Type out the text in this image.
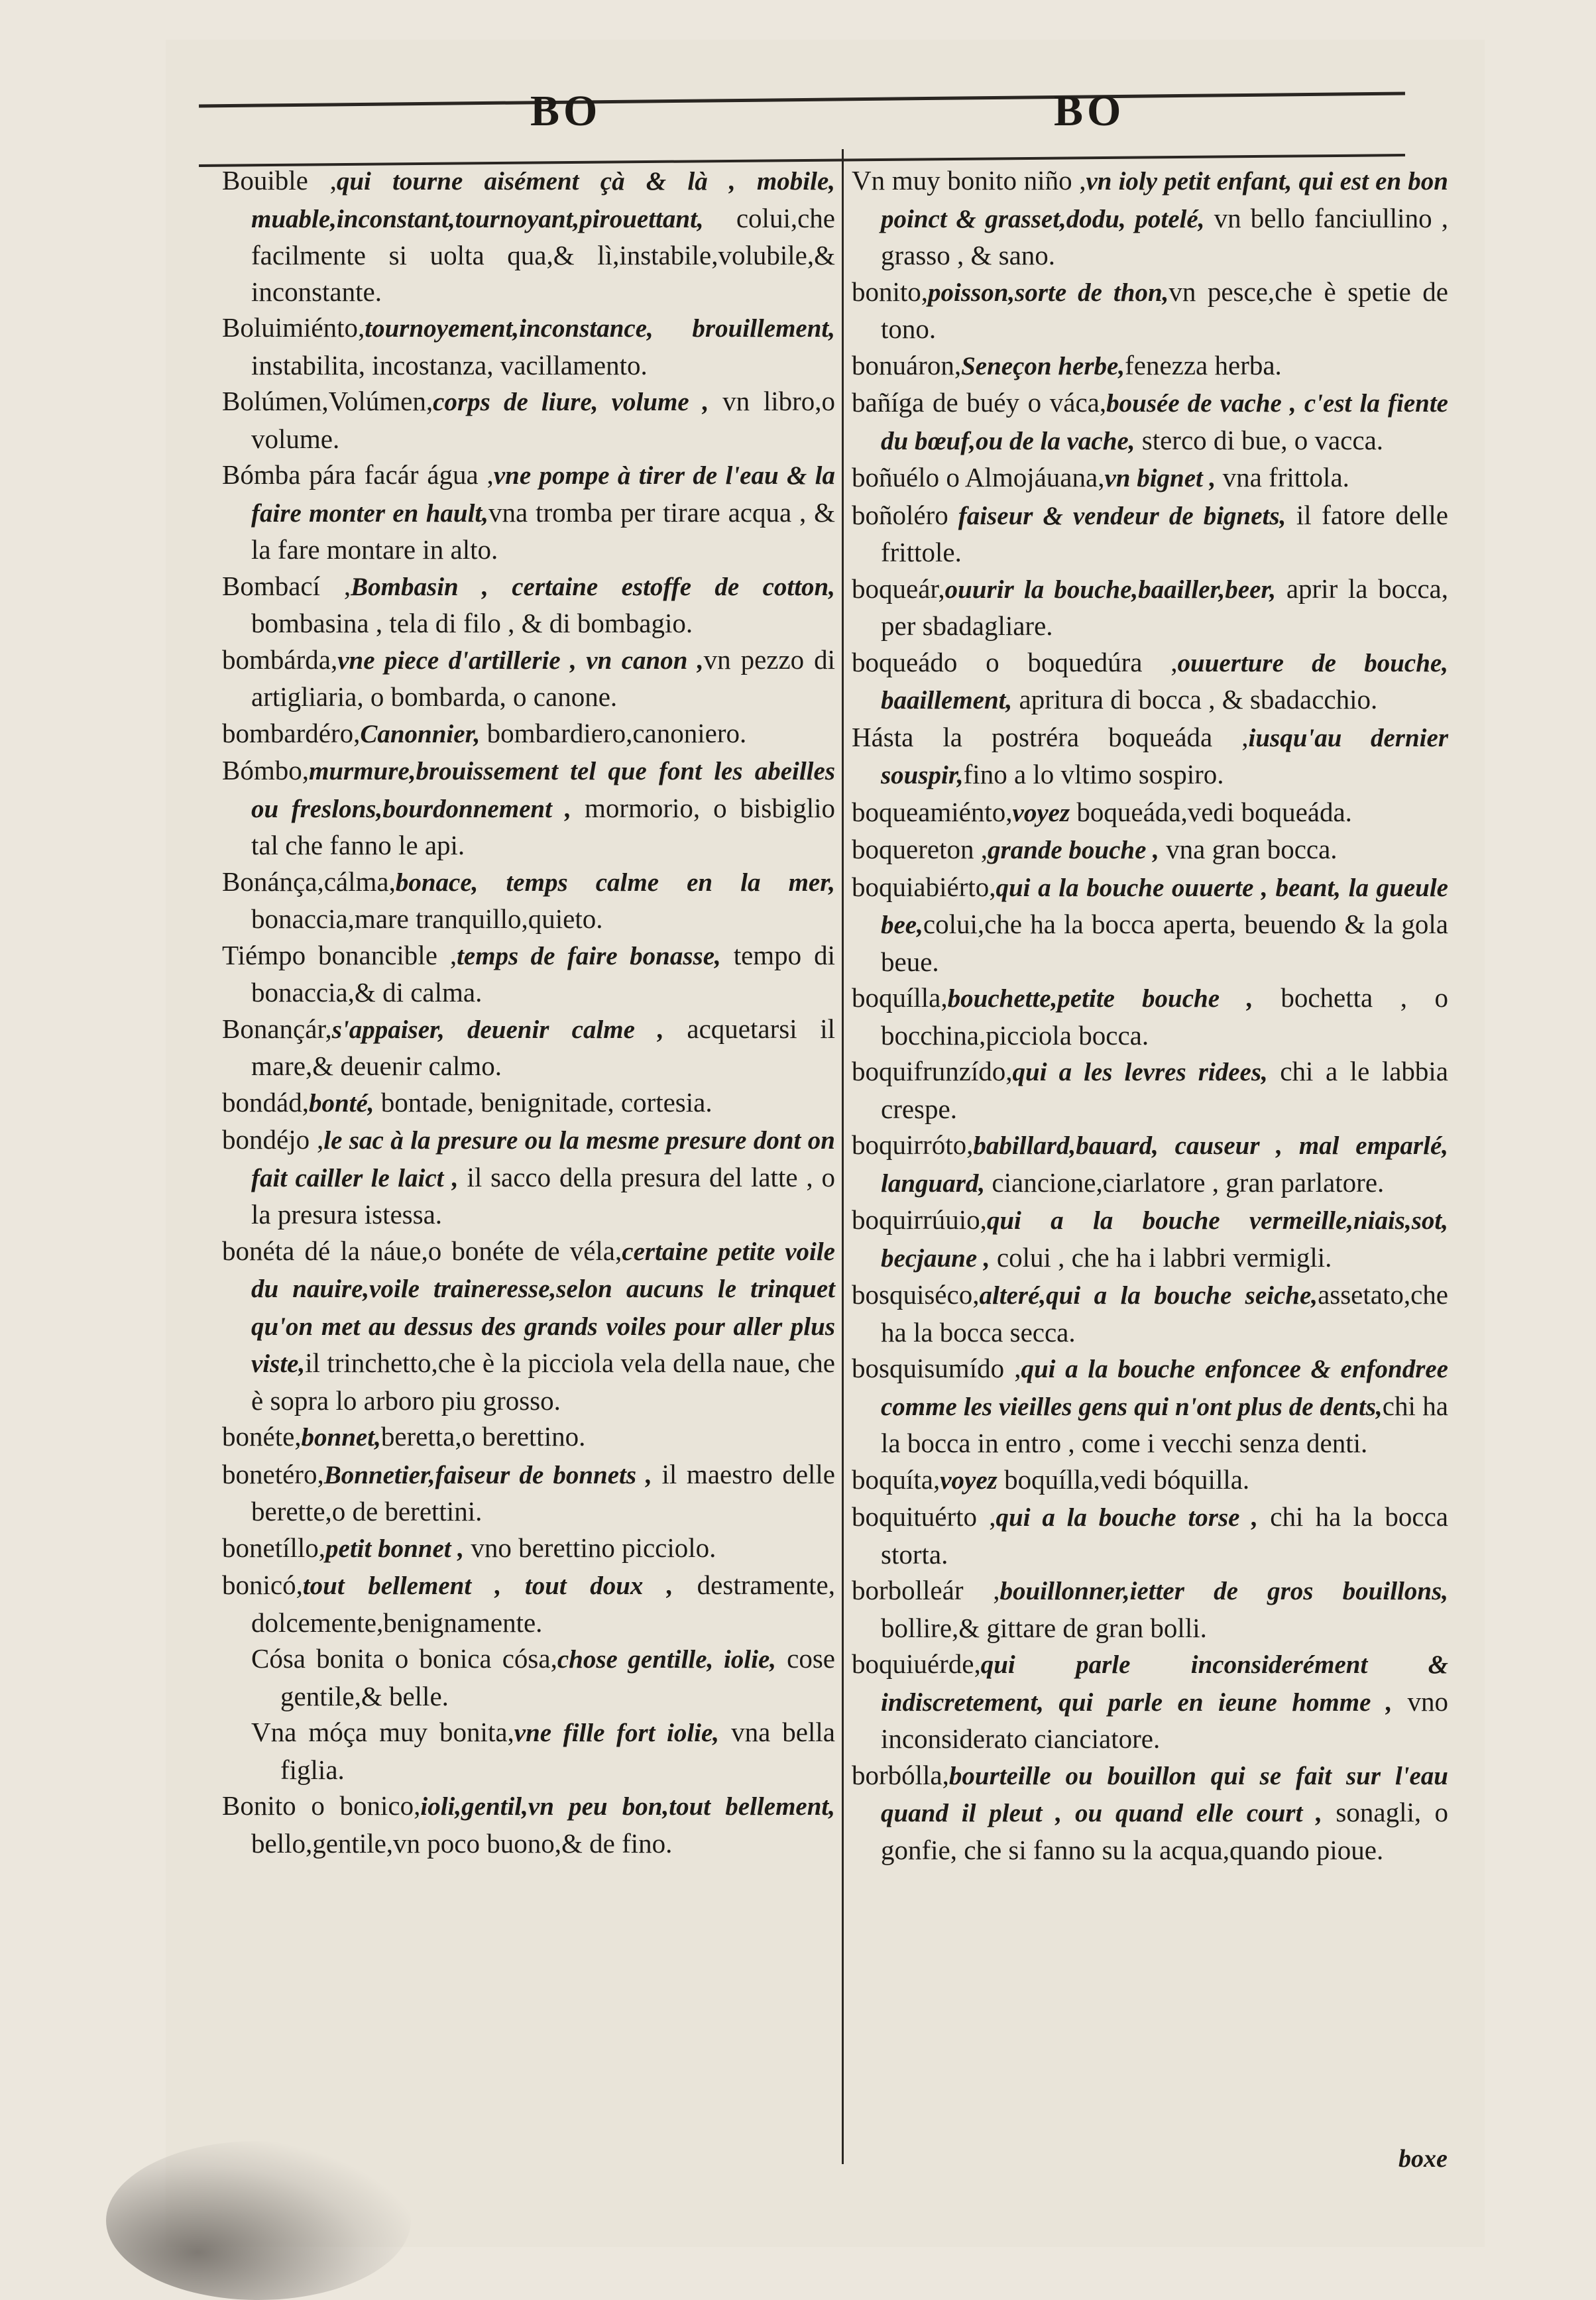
BO	BO

Bouible ,qui tourne aisément çà & là , mobile, muable,inconstant,tournoyant,pirouettant, colui,che facilmente si uolta qua,& lì,instabile,volubile,& inconstante.

Boluimiénto,tournoyement,inconstance, brouillement, instabilita, incostanza, vacillamento.

Bolúmen,Volúmen,corps de liure, volume , vn libro,o volume.

Bómba pára facár água ,vne pompe à tirer de l'eau & la faire monter en hault,vna tromba per tirare acqua , & la fare montare in alto.

Bombací ,Bombasin , certaine estoffe de cotton, bombasina , tela di filo , & di bombagio.

bombárda,vne piece d'artillerie , vn canon ,vn pezzo di artigliaria, o bombarda, o canone.

bombardéro,Canonnier, bombardiero,canoniero.

Bómbo,murmure,brouissement tel que font les abeilles ou freslons,bourdonnement , mormorio, o bisbiglio tal che fanno le api.

Bonánça,cálma,bonace, temps calme en la mer, bonaccia,mare tranquillo,quieto.

Tiémpo bonancible ,temps de faire bonasse, tempo di bonaccia,& di calma.

Bonançár,s'appaiser, deuenir calme , acquetarsi il mare,& deuenir calmo.

bondád,bonté, bontade, benignitade, cortesia.

bondéjo ,le sac à la presure ou la mesme presure dont on fait cailler le laict , il sacco della presura del latte , o la presura istessa.

bonéta dé la náue,o bonéte de véla,certaine petite voile du nauire,voile traineresse,selon aucuns le trinquet qu'on met au dessus des grands voiles pour aller plus viste,il trinchetto,che è la picciola vela della naue, che è sopra lo arboro piu grosso.

bonéte,bonnet,beretta,o berettino.

bonetéro,Bonnetier,faiseur de bonnets , il maestro delle berette,o de berettini.

bonetíllo,petit bonnet , vno berettino picciolo.

bonicó,tout bellement , tout doux , destramente, dolcemente,benignamente.

Cósa bonita o bonica cósa,chose gentille, iolie, cose gentile,& belle.

Vna móça muy bonita,vne fille fort iolie, vna bella figlia.

Bonito o bonico,ioli,gentil,vn peu bon,tout bellement, bello,gentile,vn poco buono,& de fino.

Vn muy bonito niño ,vn ioly petit enfant, qui est en bon poinct & grasset,dodu, potelé, vn bello fanciullino , grasso , & sano.

bonito,poisson,sorte de thon,vn pesce,che è spetie de tono.

bonuáron,Seneçon herbe,fenezza herba.

bañíga de buéy o váca,bousée de vache , c'est la fiente du bœuf,ou de la vache, sterco di bue, o vacca.

boñuélo o Almojáuana,vn bignet , vna frittola.

boñoléro faiseur & vendeur de bignets, il fatore delle frittole.

boqueár,ouurir la bouche,baailler,beer, aprir la bocca, per sbadagliare.

boqueádo o boquedúra ,ouuerture de bouche, baaillement, apritura di bocca , & sbadacchio.

Hásta la postréra boqueáda ,iusqu'au dernier souspir,fino a lo vltimo sospiro.

boqueamiénto,voyez boqueáda,vedi boqueáda.

boquereton ,grande bouche , vna gran bocca.

boquiabiérto,qui a la bouche ouuerte , beant, la gueule bee,colui,che ha la bocca aperta, beuendo & la gola beue.

boquílla,bouchette,petite bouche , bochetta , o bocchina,picciola bocca.

boquifrunzído,qui a les levres ridees, chi a le labbia crespe.

boquirróto,babillard,bauard, causeur , mal emparlé, languard, ciancione,ciarlatore , gran parlatore.

boquirrúuio,qui a la bouche vermeille,niais,sot, becjaune , colui , che ha i labbri vermigli.

bosquiséco,alteré,qui a la bouche seiche,assetato,che ha la bocca secca.

bosquisumído ,qui a la bouche enfoncee & enfondree comme les vieilles gens qui n'ont plus de dents,chi ha la bocca in entro , come i vecchi senza denti.

boquíta,voyez boquílla,vedi bóquilla.

boquituérto ,qui a la bouche torse , chi ha la bocca storta.

borbolleár ,bouillonner,ietter de gros bouillons, bollire,& gittare de gran bolli.

boquiuérde,qui parle inconsiderément & indiscretement, qui parle en ieune homme , vno inconsiderato cianciatore.

borbólla,bourteille ou bouillon qui se fait sur l'eau quand il pleut , ou quand elle court , sonagli, o gonfie, che si fanno su la acqua,quando pioue.

boxe
